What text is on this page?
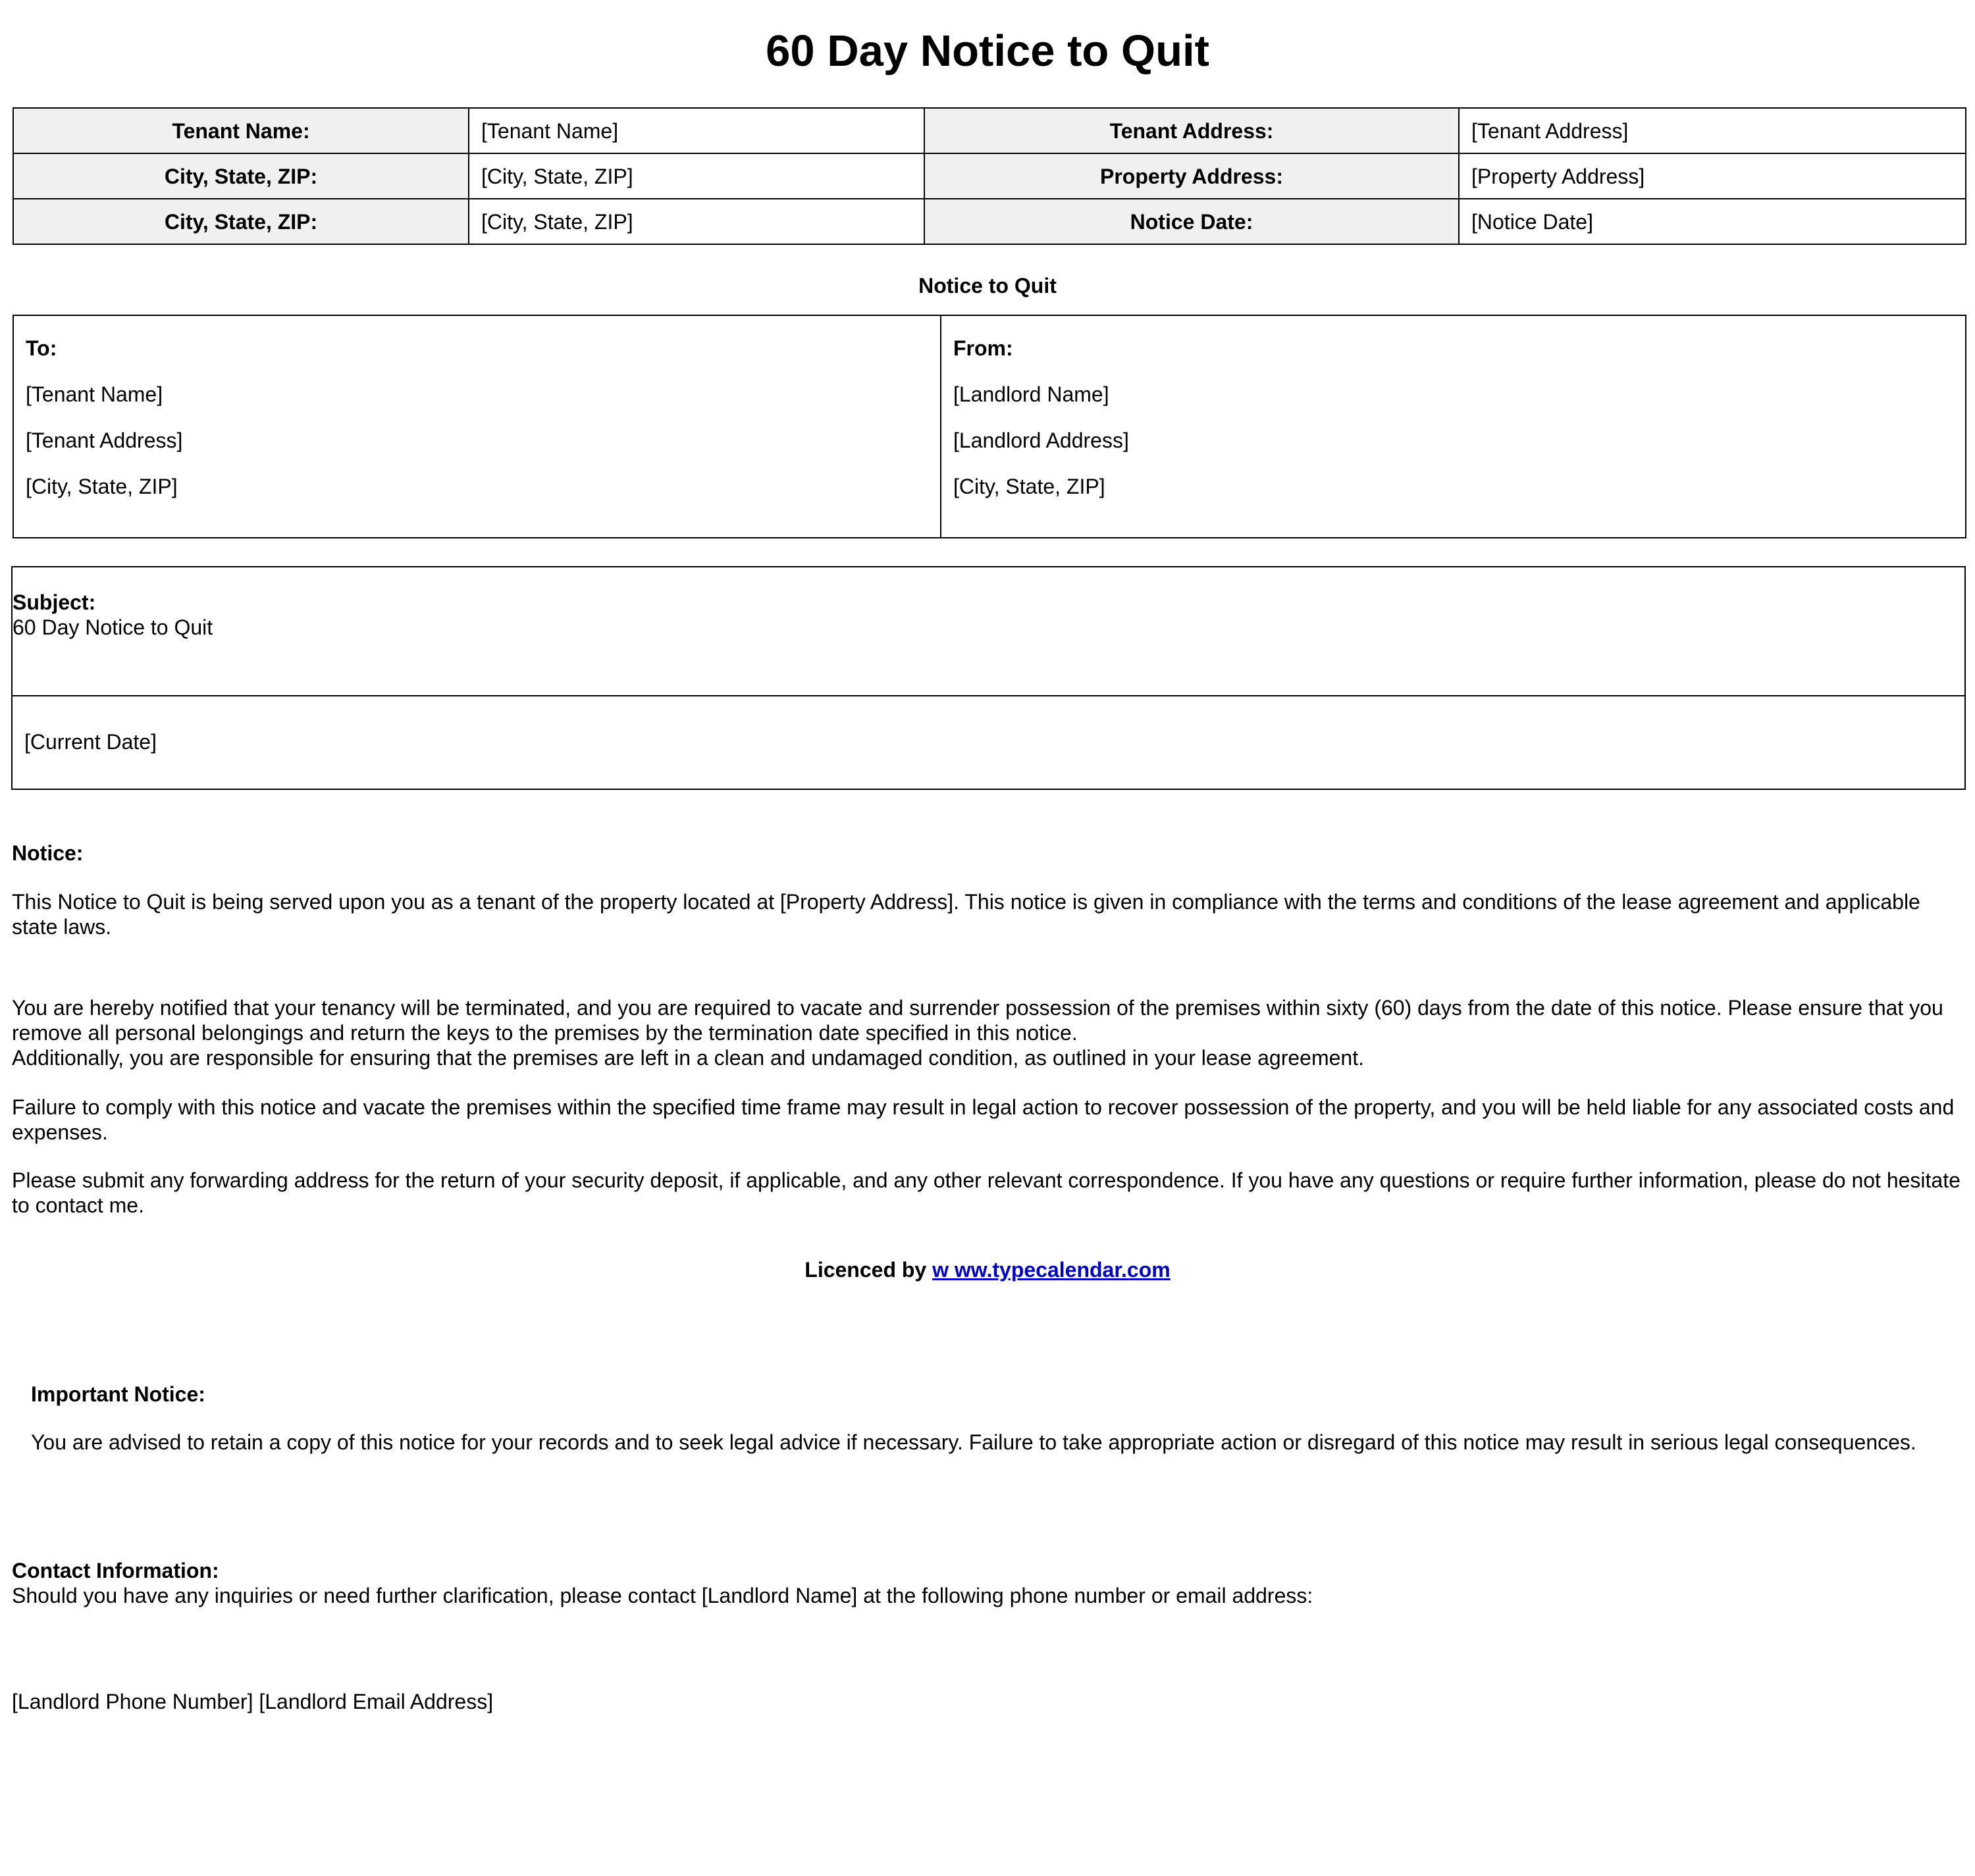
60 Day Notice to Quit
Tenant Name:	[Tenant Name]	Tenant Address:	[Tenant Address]
City, State, ZIP:	[City, State, ZIP]	Property Address:	[Property Address]
City, State, ZIP:	[City, State, ZIP]	Notice Date:	[Notice Date]
Notice to Quit
To:
[Tenant Name]
[Tenant Address]
[City, State, ZIP]

From:
[Landlord Name]
[Landlord Address]
[City, State, ZIP]
Subject:
60 Day Notice to Quit
[Current Date]
Notice:
This Notice to Quit is being served upon you as a tenant of the property located at [Property Address]. This notice is given in compliance with the terms and conditions of the lease agreement and applicable state laws.
You are hereby notified that your tenancy will be terminated, and you are required to vacate and surrender possession of the premises within sixty (60) days from the date of this notice. Please ensure that you remove all personal belongings and return the keys to the premises by the termination date specified in this notice.
Additionally, you are responsible for ensuring that the premises are left in a clean and undamaged condition, as outlined in your lease agreement.
Failure to comply with this notice and vacate the premises within the specified time frame may result in legal action to recover possession of the property, and you will be held liable for any associated costs and expenses.
Please submit any forwarding address for the return of your security deposit, if applicable, and any other relevant correspondence. If you have any questions or require further information, please do not hesitate to contact me.
Licenced by w ww.typecalendar.com
Important Notice:
You are advised to retain a copy of this notice for your records and to seek legal advice if necessary. Failure to take appropriate action or disregard of this notice may result in serious legal consequences.
Contact Information:
Should you have any inquiries or need further clarification, please contact [Landlord Name] at the following phone number or email address:
[Landlord Phone Number] [Landlord Email Address]
